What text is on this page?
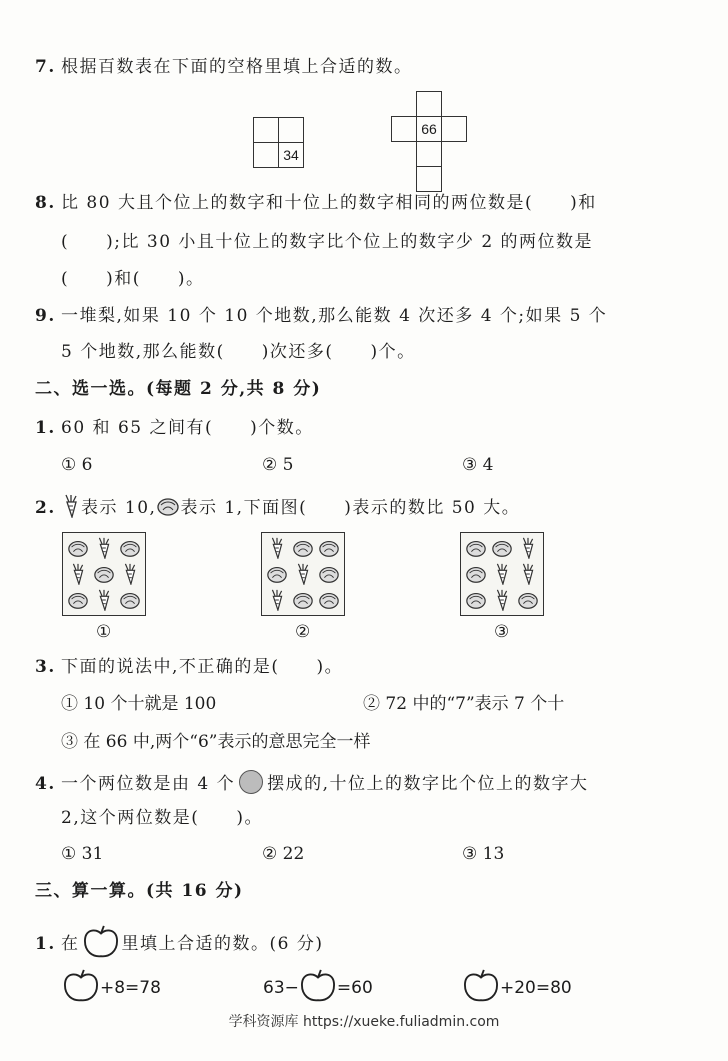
7. 根据百数表在下面的空格里填上合适的数。

	34

	66	

8. 比 80 大且个位上的数字和十位上的数字相同的两位数是(　　)和
(　　);比 30 小且十位上的数字比个位上的数字少 2 的两位数是
(　　)和(　　)。
9. 一堆梨,如果 10 个 10 个地数,那么能数 4 次还多 4 个;如果 5 个
5 个地数,那么能数(　　)次还多(　　)个。
二、选一选。(每题 2 分,共 8 分)
1. 60 和 65 之间有(　　)个数。
① 6	② 5	③ 4
2. 表示 10, 表示 1,下面图(　　)表示的数比 50 大。
①	②	③
3. 下面的说法中,不正确的是(　　)。
① 10 个十就是 100	② 72 中的“7”表示 7 个十
③ 在 66 中,两个“6”表示的意思完全一样
4. 一个两位数是由 4 个 摆成的,十位上的数字比个位上的数字大
2,这个两位数是(　　)。
① 31	② 22	③ 13
三、算一算。(共 16 分)
1. 在 里填上合适的数。(6 分)
+8=78	63− =60	+20=80
学科资源库 https://xueke.fuliadmin.com
